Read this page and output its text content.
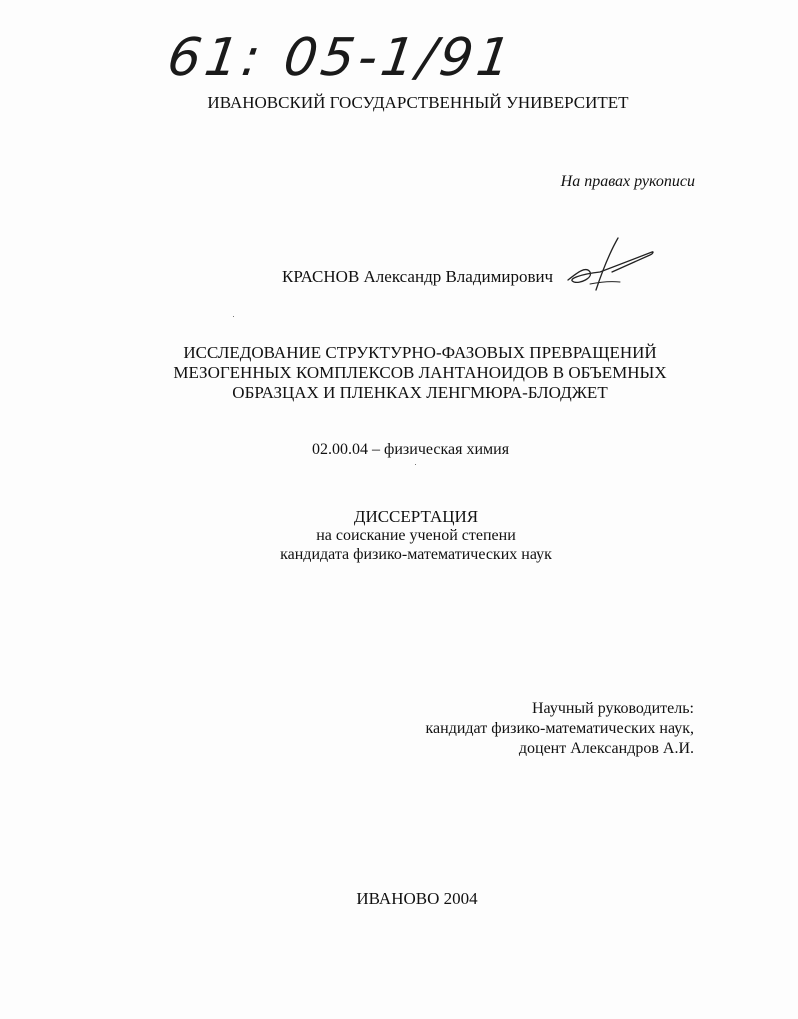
61: 05-1/91
ИВАНОВСКИЙ ГОСУДАРСТВЕННЫЙ УНИВЕРСИТЕТ
На правах рукописи
КРАСНОВ Александр Владимирович
ИССЛЕДОВАНИЕ СТРУКТУРНО-ФАЗОВЫХ ПРЕВРАЩЕНИЙ
МЕЗОГЕННЫХ КОМПЛЕКСОВ ЛАНТАНОИДОВ В ОБЪЕМНЫХ
ОБРАЗЦАХ И ПЛЕНКАХ ЛЕНГМЮРА-БЛОДЖЕТ
02.00.04 – физическая химия
ДИССЕРТАЦИЯ
на соискание ученой степени
кандидата физико-математических наук
Научный руководитель:
кандидат физико-математических наук,
доцент Александров А.И.
ИВАНОВО 2004
